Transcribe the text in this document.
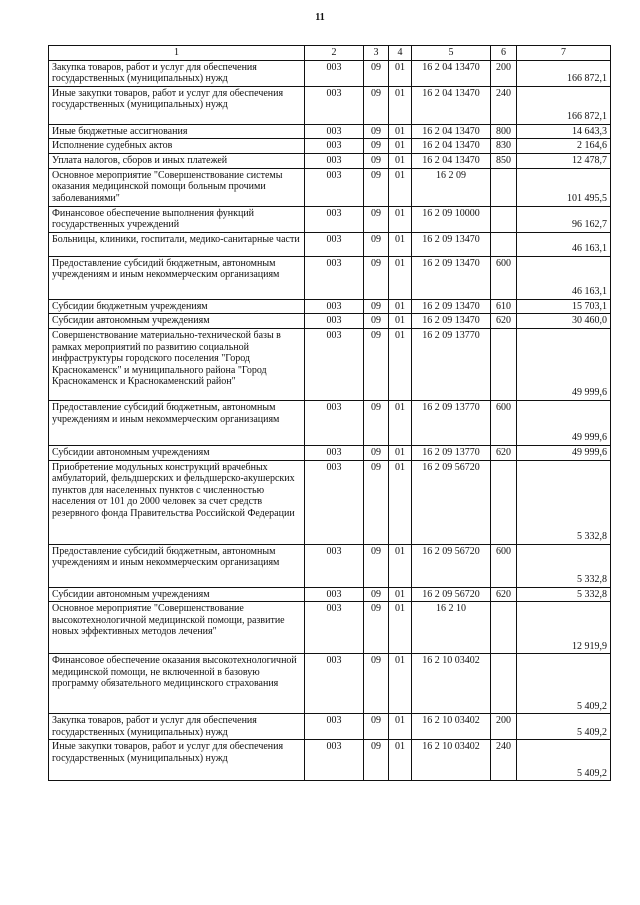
11
1	2	3	4	5	6	7
Закупка товаров, работ и услуг для обеспечения государственных (муниципальных) нужд	003	09	01	16 2 04 13470	200	166 872,1
Иные закупки товаров, работ и услуг для обеспечения государственных (муниципальных) нужд	003	09	01	16 2 04 13470	240	166 872,1
Иные бюджетные ассигнования	003	09	01	16 2 04 13470	800	14 643,3
Исполнение судебных актов	003	09	01	16 2 04 13470	830	2 164,6
Уплата налогов, сборов и иных платежей	003	09	01	16 2 04 13470	850	12 478,7
Основное мероприятие "Совершенствование системы оказания медицинской помощи больным прочими заболеваниями"	003	09	01	16 2 09		101 495,5
Финансовое обеспечение выполнения функций государственных учреждений	003	09	01	16 2 09 10000		96 162,7
Больницы, клиники, госпитали, медико-санитарные части	003	09	01	16 2 09 13470		46 163,1
Предоставление субсидий бюджетным, автономным учреждениям и иным некоммерческим организациям	003	09	01	16 2 09 13470	600	46 163,1
Субсидии бюджетным учреждениям	003	09	01	16 2 09 13470	610	15 703,1
Субсидии автономным учреждениям	003	09	01	16 2 09 13470	620	30 460,0
Совершенствование материально-технической базы в рамках мероприятий по развитию социальной инфраструктуры городского поселения "Город Краснокаменск" и муниципального района "Город Краснокаменск и Краснокаменский район"	003	09	01	16 2 09 13770		49 999,6
Предоставление субсидий бюджетным, автономным учреждениям и иным некоммерческим организациям	003	09	01	16 2 09 13770	600	49 999,6
Субсидии автономным учреждениям	003	09	01	16 2 09 13770	620	49 999,6
Приобретение модульных конструкций врачебных амбулаторий, фельдшерских и фельдшерско-акушерских пунктов для населенных пунктов с численностью населения от 101 до 2000 человек за счет средств резервного фонда Правительства Российской Федерации	003	09	01	16 2 09 56720		5 332,8
Предоставление субсидий бюджетным, автономным учреждениям и иным некоммерческим организациям	003	09	01	16 2 09 56720	600	5 332,8
Субсидии автономным учреждениям	003	09	01	16 2 09 56720	620	5 332,8
Основное мероприятие "Совершенствование высокотехнологичной медицинской помощи, развитие новых эффективных методов лечения"	003	09	01	16 2 10		12 919,9
Финансовое обеспечение оказания высокотехнологичной медицинской помощи, не включенной в базовую программу обязательного медицинского страхования	003	09	01	16 2 10 03402		5 409,2
Закупка товаров, работ и услуг для обеспечения государственных (муниципальных) нужд	003	09	01	16 2 10 03402	200	5 409,2
Иные закупки товаров, работ и услуг для обеспечения государственных (муниципальных) нужд	003	09	01	16 2 10 03402	240	5 409,2
